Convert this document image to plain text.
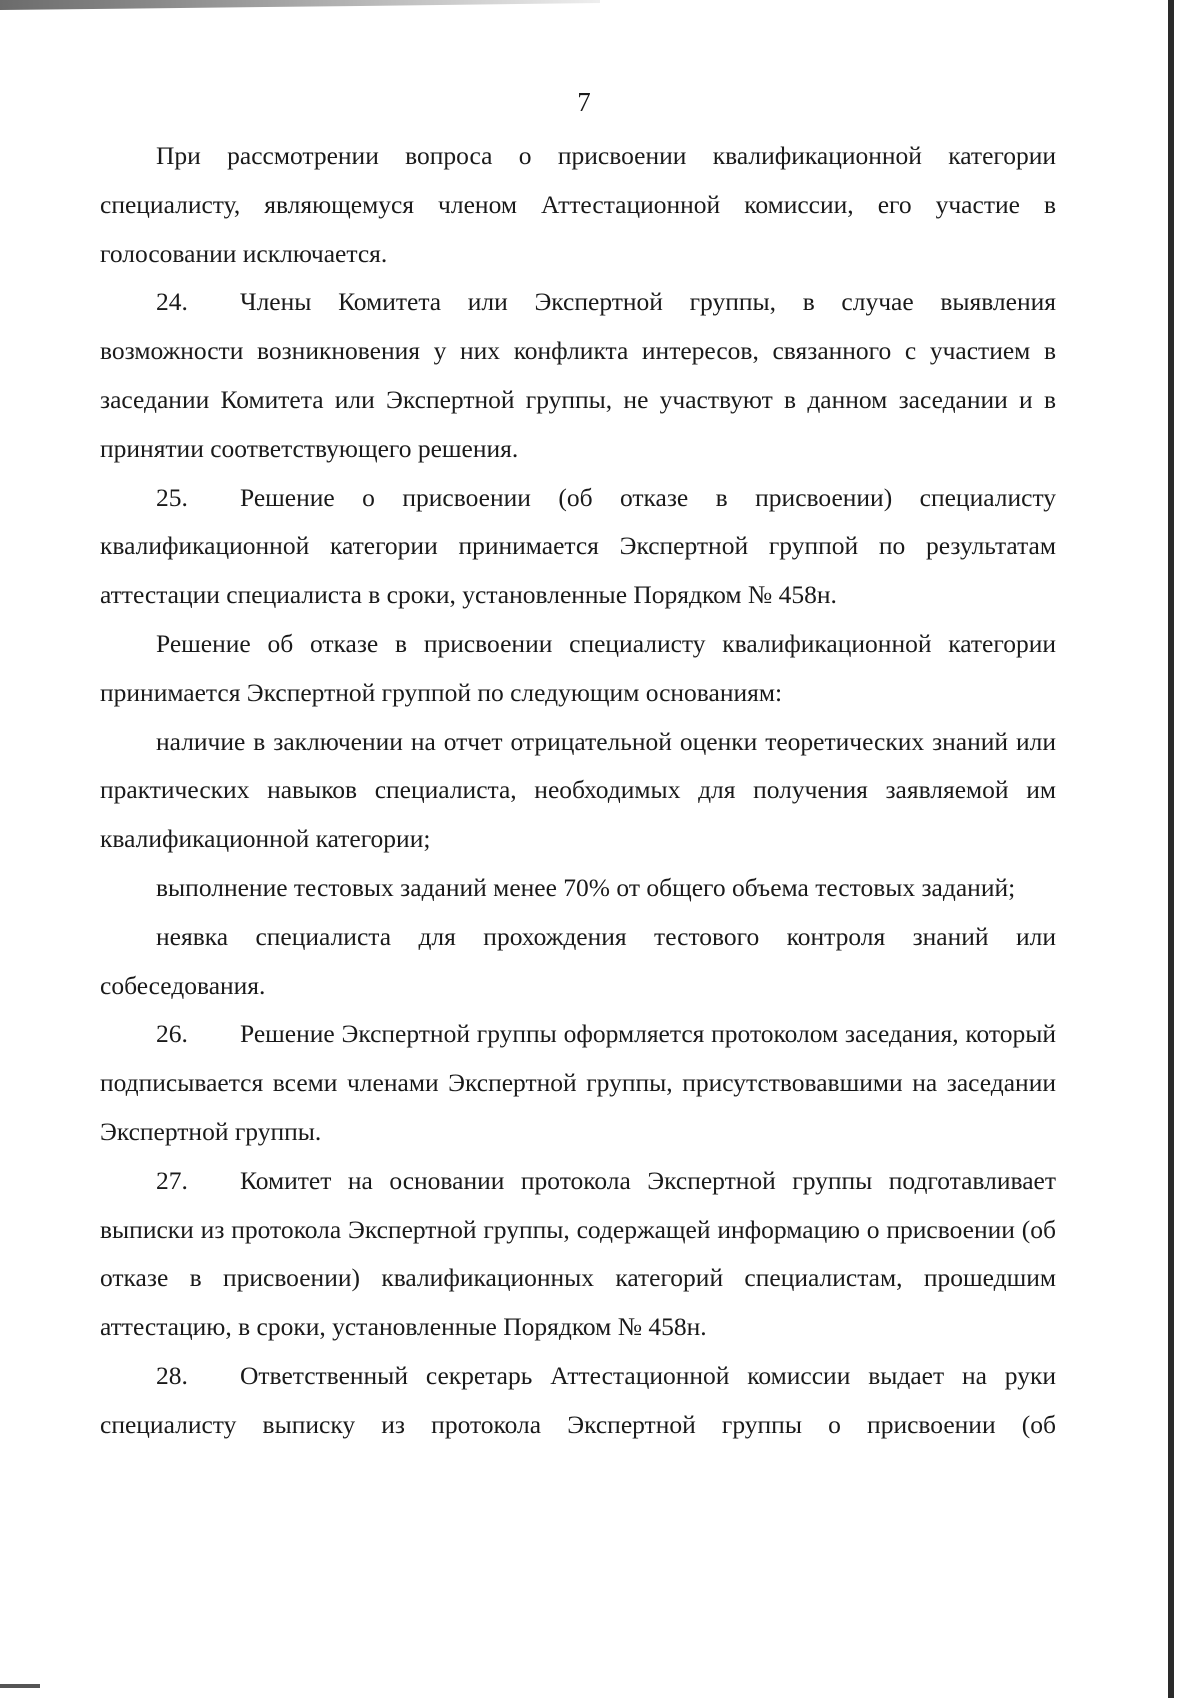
7

При рассмотрении вопроса о присвоении квалификационной категории специалисту, являющемуся членом Аттестационной комиссии, его участие в голосовании исключается.

24. Члены Комитета или Экспертной группы, в случае выявления возможности возникновения у них конфликта интересов, связанного с участием в заседании Комитета или Экспертной группы, не участвуют в данном заседании и в принятии соответствующего решения.

25. Решение о присвоении (об отказе в присвоении) специалисту квалификационной категории принимается Экспертной группой по результатам аттестации специалиста в сроки, установленные Порядком № 458н.

Решение об отказе в присвоении специалисту квалификационной категории принимается Экспертной группой по следующим основаниям:

наличие в заключении на отчет отрицательной оценки теоретических знаний или практических навыков специалиста, необходимых для получения заявляемой им квалификационной категории;

выполнение тестовых заданий менее 70% от общего объема тестовых заданий;

неявка специалиста для прохождения тестового контроля знаний или собеседования.

26. Решение Экспертной группы оформляется протоколом заседания, который подписывается всеми членами Экспертной группы, присутствовавшими на заседании Экспертной группы.

27. Комитет на основании протокола Экспертной группы подготавливает выписки из протокола Экспертной группы, содержащей информацию о присвоении (об отказе в присвоении) квалификационных категорий специалистам, прошедшим аттестацию, в сроки, установленные Порядком № 458н.

28. Ответственный секретарь Аттестационной комиссии выдает на руки специалисту выписку из протокола Экспертной группы о присвоении (об
